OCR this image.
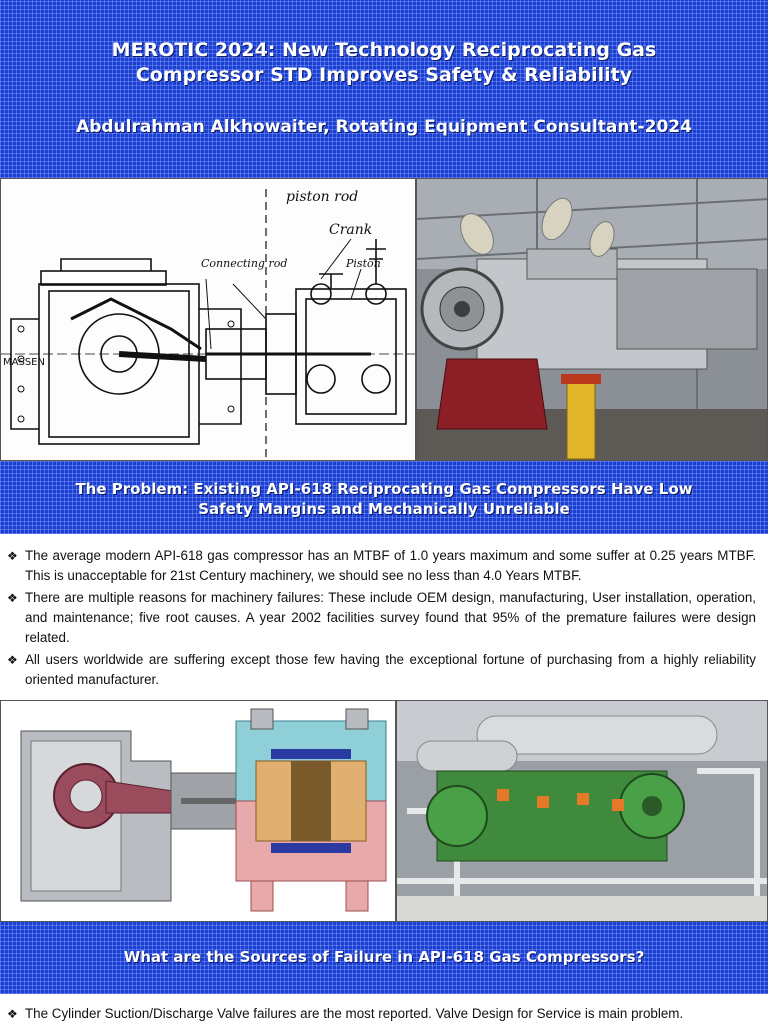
MEROTIC 2024: New Technology Reciprocating Gas Compressor STD Improves Safety & Reliability
Abdulrahman Alkhowaiter, Rotating Equipment Consultant-2024
piston rod
Crank
Connecting rod	Piston
MASSEN
The Problem: Existing API-618 Reciprocating Gas Compressors Have Low Safety Margins and Mechanically Unreliable
❖ The average modern API-618 gas compressor has an MTBF of 1.0 years maximum and some suffer at 0.25 years MTBF. This is unacceptable for 21st Century machinery, we should see no less than 4.0 Years MTBF.
❖ There are multiple reasons for machinery failures: These include OEM design, manufacturing, User installation, operation, and maintenance; five root causes. A year 2002 facilities survey found that 95% of the premature failures were design related.
❖ All users worldwide are suffering except those few having the exceptional fortune of purchasing from a highly reliability oriented manufacturer.
What are the Sources of Failure in API-618 Gas Compressors?
❖ The Cylinder Suction/Discharge Valve failures are the most reported. Valve Design for Service is main problem.
